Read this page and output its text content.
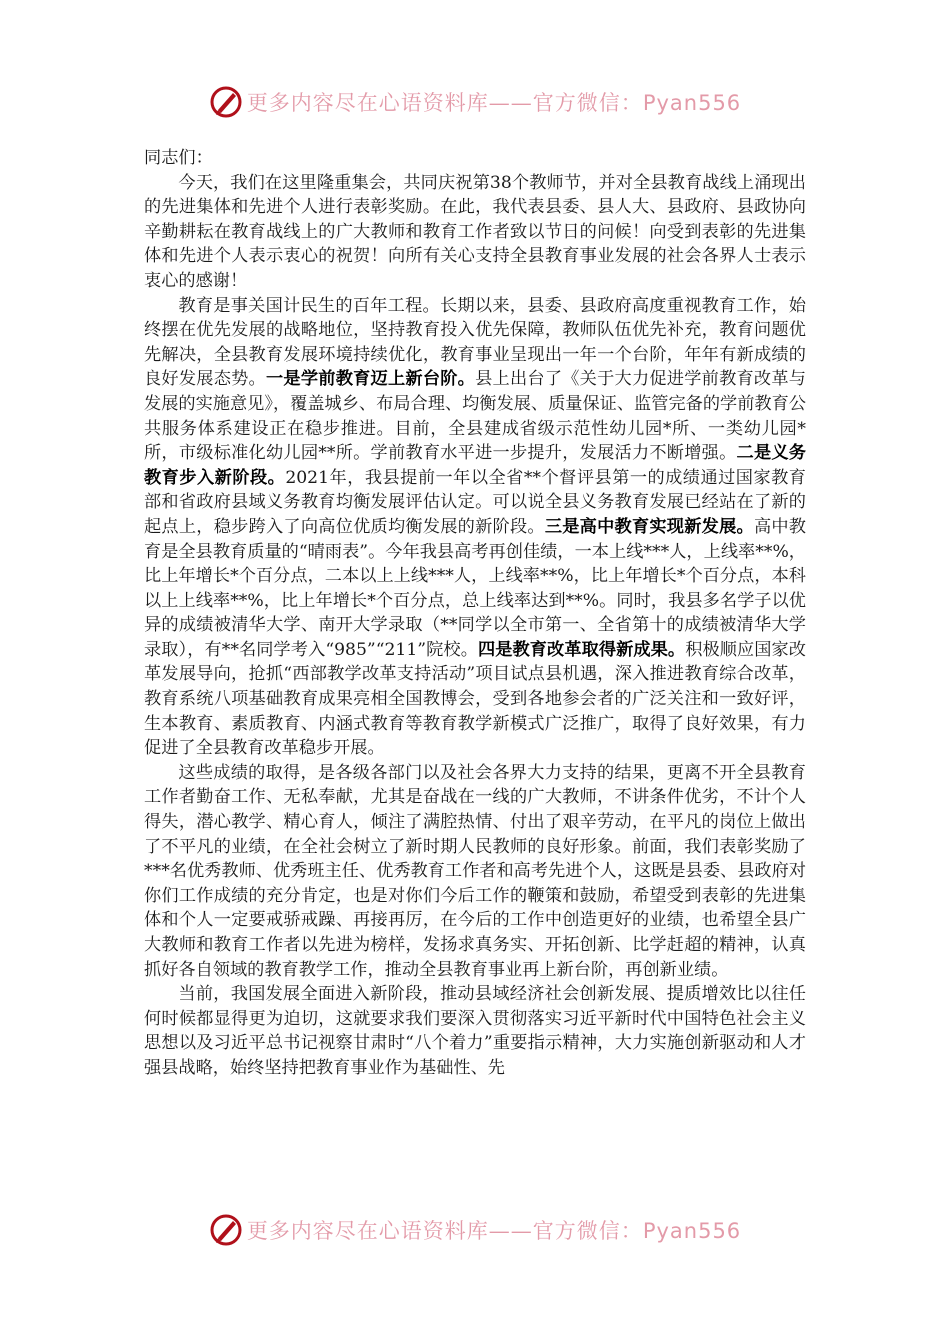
更多内容尽在心语资料库——官方微信：Pyan556

同志们：

今天，我们在这里隆重集会，共同庆祝第38个教师节，并对全县教育战线上涌现出的先进集体和先进个人进行表彰奖励。在此，我代表县委、县人大、县政府、县政协向辛勤耕耘在教育战线上的广大教师和教育工作者致以节日的问候！向受到表彰的先进集体和先进个人表示衷心的祝贺！向所有关心支持全县教育事业发展的社会各界人士表示衷心的感谢！

教育是事关国计民生的百年工程。长期以来，县委、县政府高度重视教育工作，始终摆在优先发展的战略地位，坚持教育投入优先保障，教师队伍优先补充，教育问题优先解决，全县教育发展环境持续优化，教育事业呈现出一年一个台阶，年年有新成绩的良好发展态势。一是学前教育迈上新台阶。县上出台了《关于大力促进学前教育改革与发展的实施意见》，覆盖城乡、布局合理、均衡发展、质量保证、监管完备的学前教育公共服务体系建设正在稳步推进。目前，全县建成省级示范性幼儿园*所、一类幼儿园*所，市级标准化幼儿园**所。学前教育水平进一步提升，发展活力不断增强。二是义务教育步入新阶段。2021年，我县提前一年以全省**个督评县第一的成绩通过国家教育部和省政府县域义务教育均衡发展评估认定。可以说全县义务教育发展已经站在了新的起点上，稳步跨入了向高位优质均衡发展的新阶段。三是高中教育实现新发展。高中教育是全县教育质量的“晴雨表”。今年我县高考再创佳绩，一本上线***人，上线率**%，比上年增长*个百分点，二本以上上线***人，上线率**%，比上年增长*个百分点，本科以上上线率**%，比上年增长*个百分点，总上线率达到**%。同时，我县多名学子以优异的成绩被清华大学、南开大学录取（**同学以全市第一、全省第十的成绩被清华大学录取），有**名同学考入“985”“211”院校。四是教育改革取得新成果。积极顺应国家改革发展导向，抢抓“西部教学改革支持活动”项目试点县机遇，深入推进教育综合改革，教育系统八项基础教育成果亮相全国教博会，受到各地参会者的广泛关注和一致好评，生本教育、素质教育、内涵式教育等教育教学新模式广泛推广，取得了良好效果，有力促进了全县教育改革稳步开展。

这些成绩的取得，是各级各部门以及社会各界大力支持的结果，更离不开全县教育工作者勤奋工作、无私奉献，尤其是奋战在一线的广大教师，不讲条件优劣，不计个人得失，潜心教学、精心育人，倾注了满腔热情、付出了艰辛劳动，在平凡的岗位上做出了不平凡的业绩，在全社会树立了新时期人民教师的良好形象。前面，我们表彰奖励了***名优秀教师、优秀班主任、优秀教育工作者和高考先进个人，这既是县委、县政府对你们工作成绩的充分肯定，也是对你们今后工作的鞭策和鼓励，希望受到表彰的先进集体和个人一定要戒骄戒躁、再接再厉，在今后的工作中创造更好的业绩，也希望全县广大教师和教育工作者以先进为榜样，发扬求真务实、开拓创新、比学赶超的精神，认真抓好各自领域的教育教学工作，推动全县教育事业再上新台阶，再创新业绩。

当前，我国发展全面进入新阶段，推动县域经济社会创新发展、提质增效比以往任何时候都显得更为迫切，这就要求我们要深入贯彻落实习近平新时代中国特色社会主义思想以及习近平总书记视察甘肃时“八个着力”重要指示精神，大力实施创新驱动和人才强县战略，始终坚持把教育事业作为基础性、先

更多内容尽在心语资料库——官方微信：Pyan556
